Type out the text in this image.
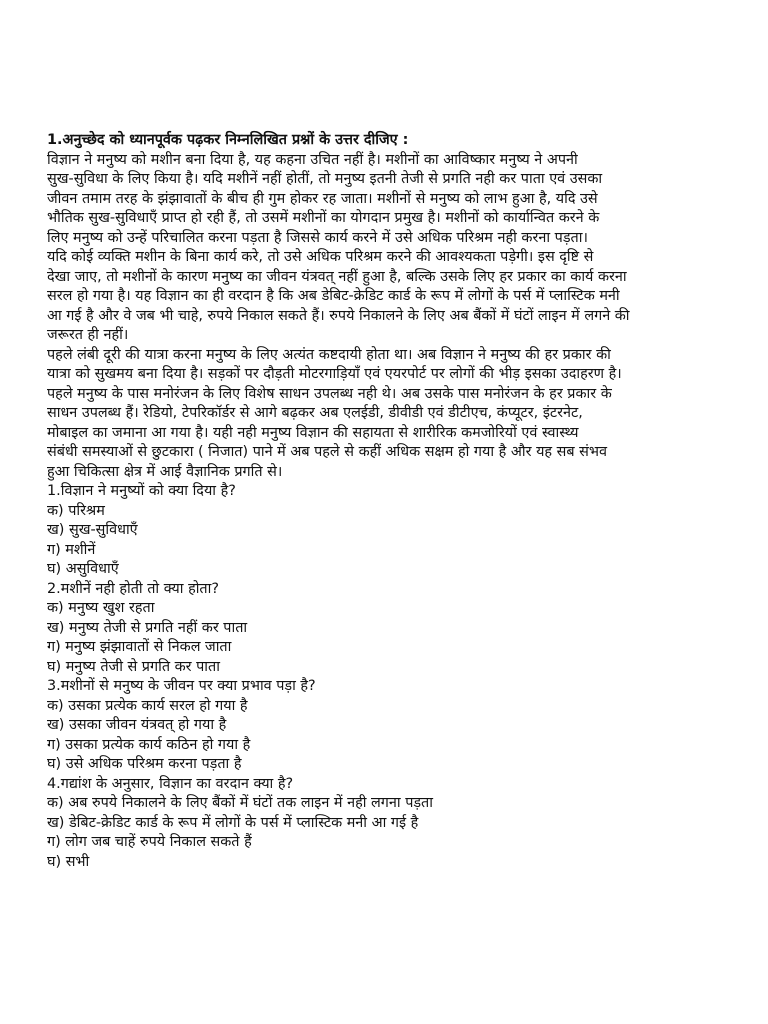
1.अनुच्छेद को ध्यानपूर्वक पढ़कर निम्नलिखित प्रश्नों के उत्तर दीजिए :
विज्ञान ने मनुष्य को मशीन बना दिया है, यह कहना उचित नहीं है। मशीनों का आविष्कार मनुष्य ने अपनी
सुख-सुविधा के लिए किया है। यदि मशीनें नहीं होतीं, तो मनुष्य इतनी तेजी से प्रगति नही कर पाता एवं उसका
जीवन तमाम तरह के झंझावातों के बीच ही गुम होकर रह जाता। मशीनों से मनुष्य को लाभ हुआ है, यदि उसे
भौतिक सुख-सुविधाएँ प्राप्त हो रही हैं, तो उसमें मशीनों का योगदान प्रमुख है। मशीनों को कार्यान्वित करने के
लिए मनुष्य को उन्हें परिचालित करना पड़ता है जिससे कार्य करने में उसे अधिक परिश्रम नही करना पड़ता।
यदि कोई व्यक्ति मशीन के बिना कार्य करे, तो उसे अधिक परिश्रम करने की आवश्यकता पड़ेगी। इस दृष्टि से
देखा जाए, तो मशीनों के कारण मनुष्य का जीवन यंत्रवत् नहीं हुआ है, बल्कि उसके लिए हर प्रकार का कार्य करना
सरल हो गया है। यह विज्ञान का ही वरदान है कि अब डेबिट-क्रेडिट कार्ड के रूप में लोगों के पर्स में प्लास्टिक मनी
आ गई है और वे जब भी चाहे, रुपये निकाल सकते हैं। रुपये निकालने के लिए अब बैंकों में घंटों लाइन में लगने की
जरूरत ही नहीं।
पहले लंबी दूरी की यात्रा करना मनुष्य के लिए अत्यंत कष्टदायी होता था। अब विज्ञान ने मनुष्य की हर प्रकार की
यात्रा को सुखमय बना दिया है। सड़कों पर दौड़ती मोटरगाड़ियाँ एवं एयरपोर्ट पर लोगों की भीड़ इसका उदाहरण है।
पहले मनुष्य के पास मनोरंजन के लिए विशेष साधन उपलब्ध नही थे। अब उसके पास मनोरंजन के हर प्रकार के
साधन उपलब्ध हैं। रेडियो, टेपरिकॉर्डर से आगे बढ़कर अब एलईडी, डीवीडी एवं डीटीएच, कंप्यूटर, इंटरनेट,
मोबाइल का जमाना आ गया है। यही नही मनुष्य विज्ञान की सहायता से शारीरिक कमजोरियों एवं स्वास्थ्य
संबंधी समस्याओं से छुटकारा ( निजात) पाने में अब पहले से कहीं अधिक सक्षम हो गया है और यह सब संभव
हुआ चिकित्सा क्षेत्र में आई वैज्ञानिक प्रगति से।
1.विज्ञान ने मनुष्यों को क्या दिया है?
क) परिश्रम
ख) सुख-सुविधाएँ
ग) मशीनें
घ) असुविधाएँ
2.मशीनें नही होती तो क्या होता?
क) मनुष्य खुश रहता
ख) मनुष्य तेजी से प्रगति नहीं कर पाता
ग) मनुष्य झंझावातों से निकल जाता
घ) मनुष्य तेजी से प्रगति कर पाता
3.मशीनों से मनुष्य के जीवन पर क्या प्रभाव पड़ा है?
क) उसका प्रत्येक कार्य सरल हो गया है
ख) उसका जीवन यंत्रवत् हो गया है
ग) उसका प्रत्येक कार्य कठिन हो गया है
घ) उसे अधिक परिश्रम करना पड़ता है
4.गद्यांश के अनुसार, विज्ञान का वरदान क्या है?
क) अब रुपये निकालने के लिए बैंकों में घंटों तक लाइन में नही लगना पड़ता
ख) डेबिट-क्रेडिट कार्ड के रूप में लोगों के पर्स में प्लास्टिक मनी आ गई है
ग) लोग जब चाहें रुपये निकाल सकते हैं
घ) सभी
